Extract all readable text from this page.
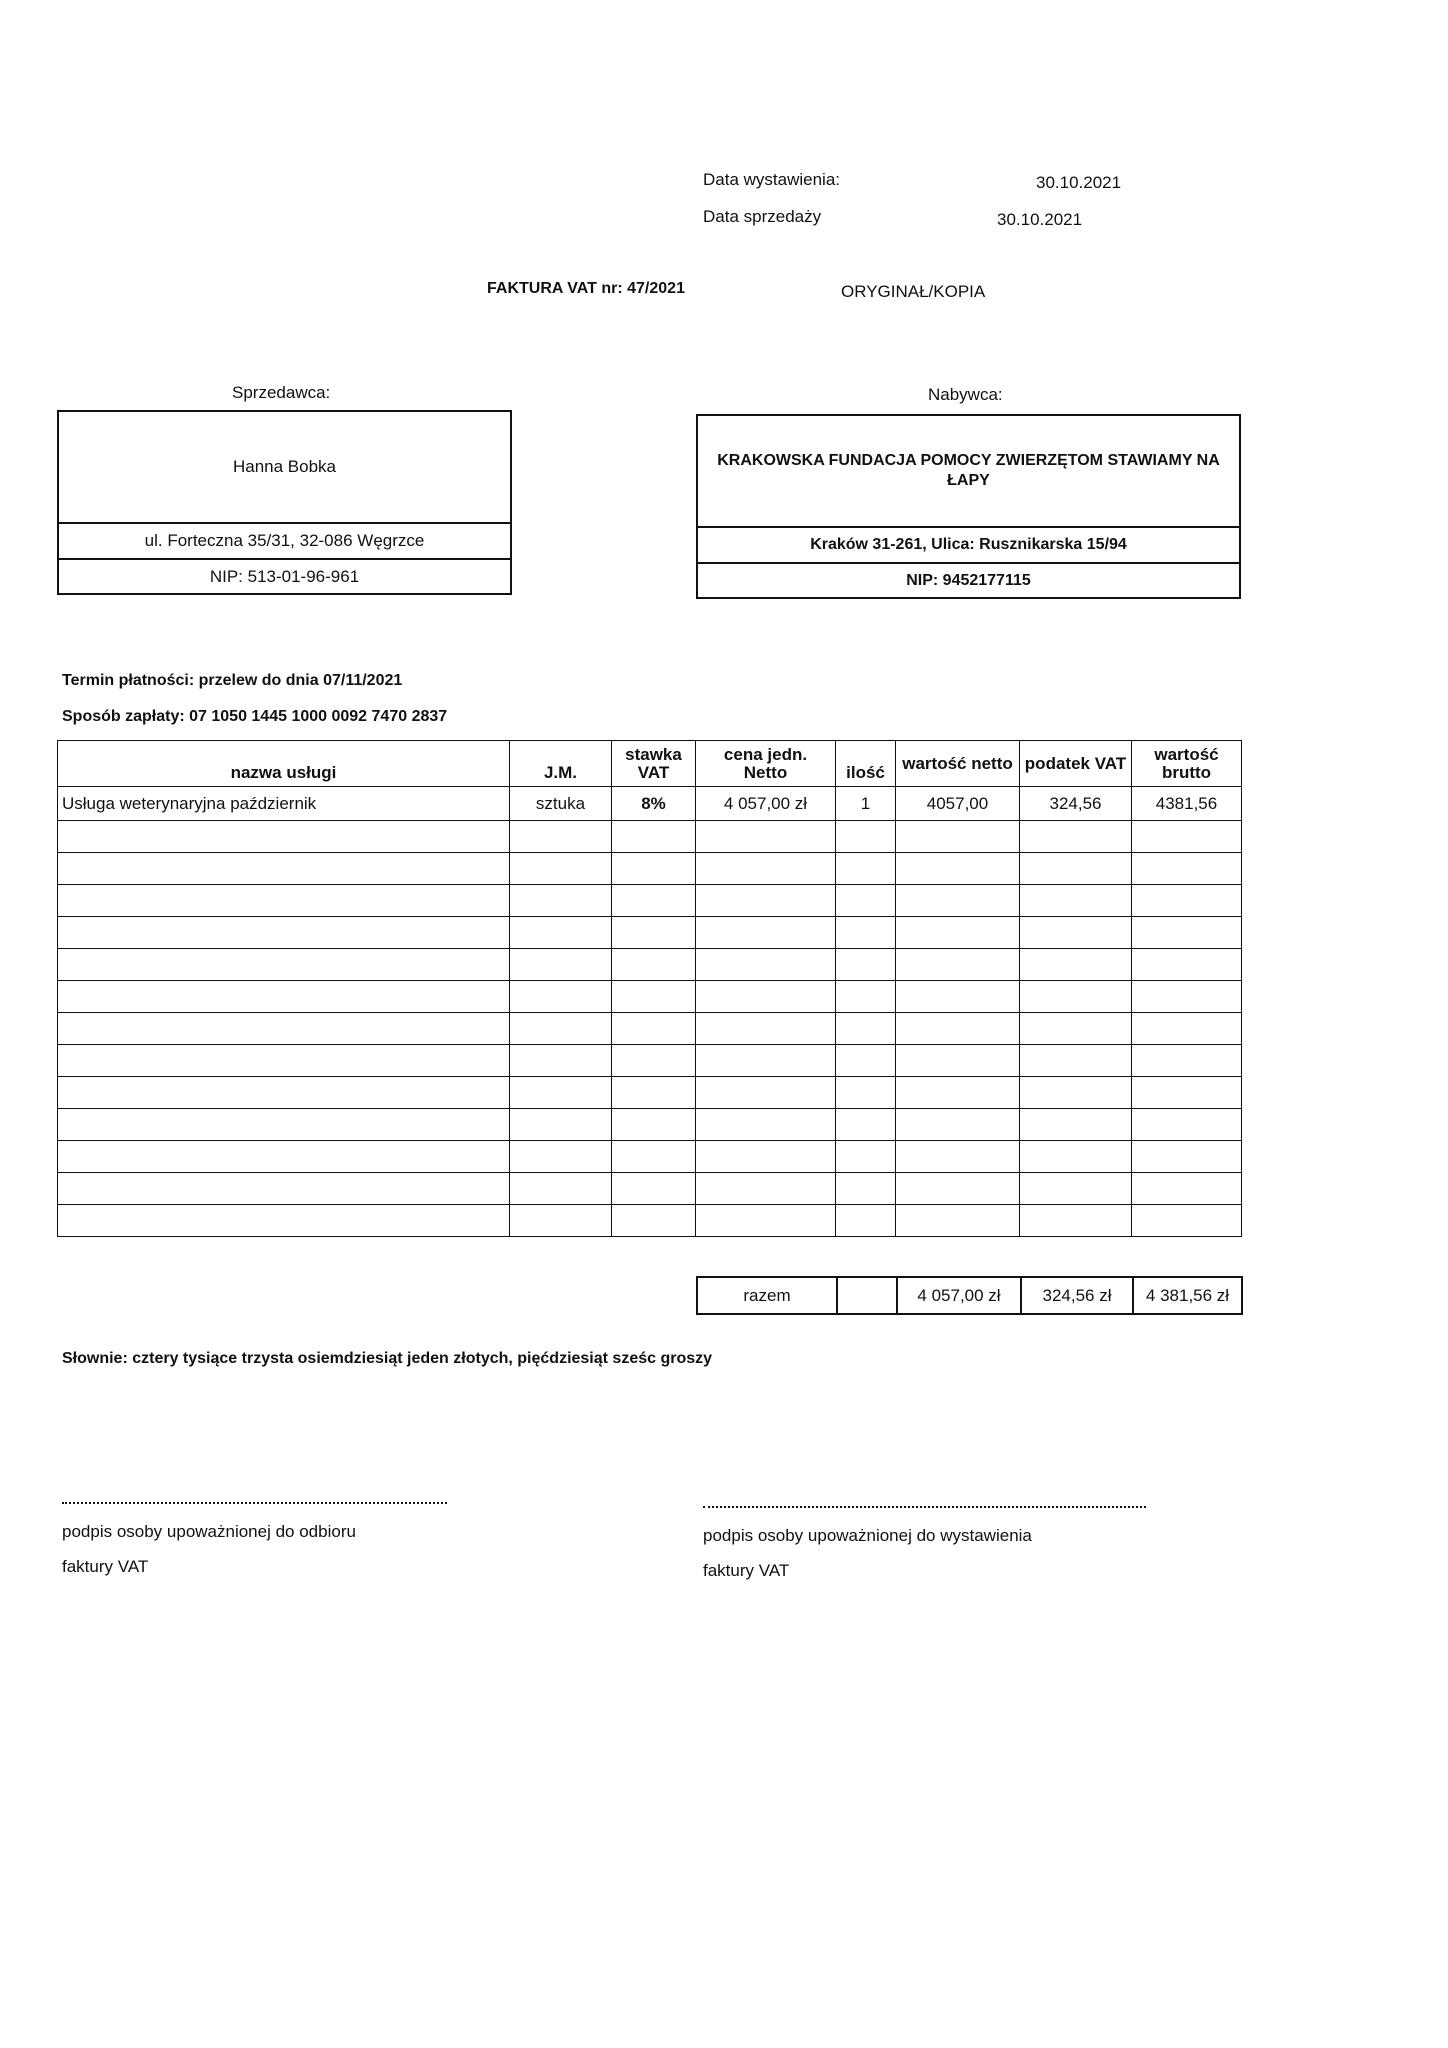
Data wystawienia:	30.10.2021
Data sprzedaży	30.10.2021
FAKTURA VAT nr: 47/2021	ORYGINAŁ/KOPIA
Sprzedawca:
Hanna Bobka
ul. Forteczna 35/31, 32-086 Węgrzce
NIP: 513-01-96-961
Nabywca:
KRAKOWSKA FUNDACJA POMOCY ZWIERZĘTOM STAWIAMY NA ŁAPY
Kraków 31-261, Ulica: Rusznikarska 15/94
NIP: 9452177115
Termin płatności: przelew do dnia 07/11/2021
Sposób zapłaty: 07 1050 1445 1000 0092 7470 2837
nazwa usługi	J.M.	stawka VAT	cena jedn. Netto	ilość	wartość netto	podatek VAT	wartość brutto
Usługa weterynaryjna październik	sztuka	8%	4 057,00 zł	1	4057,00	324,56	4381,56

razem		4 057,00 zł	324,56 zł	4 381,56 zł
Słownie: cztery tysiące trzysta osiemdziesiąt jeden złotych, pięćdziesiąt sześc groszy
podpis osoby upoważnionej do odbioru
faktury VAT
podpis osoby upoważnionej do wystawienia
faktury VAT
